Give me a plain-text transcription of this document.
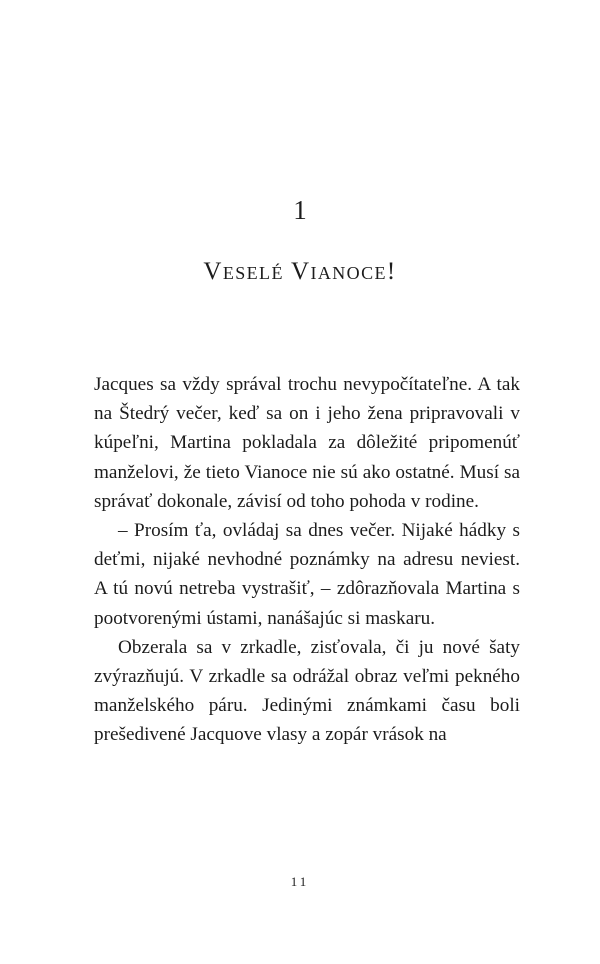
1
Veselé Vianoce!

Jacques sa vždy správal trochu nevypočítateľne. A tak na Štedrý večer, keď sa on i jeho žena pripravovali v kúpeľni, Martina pokladala za dôležité pripomenúť manželovi, že tieto Vianoce nie sú ako ostatné. Musí sa správať dokonale, závisí od toho pohoda v rodine.

– Prosím ťa, ovládaj sa dnes večer. Nijaké hádky s deťmi, nijaké nevhodné poznámky na adresu neviest. A tú novú netreba vystrašiť, – zdôrazňovala Martina s pootvorenými ústami, nanášajúc si maskaru.

Obzerala sa v zrkadle, zisťovala, či ju nové šaty zvýrazňujú. V zrkadle sa odrážal obraz veľmi pekného manželského páru. Jedinými známkami času boli prešedivené Jacquove vlasy a zopár vrások na

11
